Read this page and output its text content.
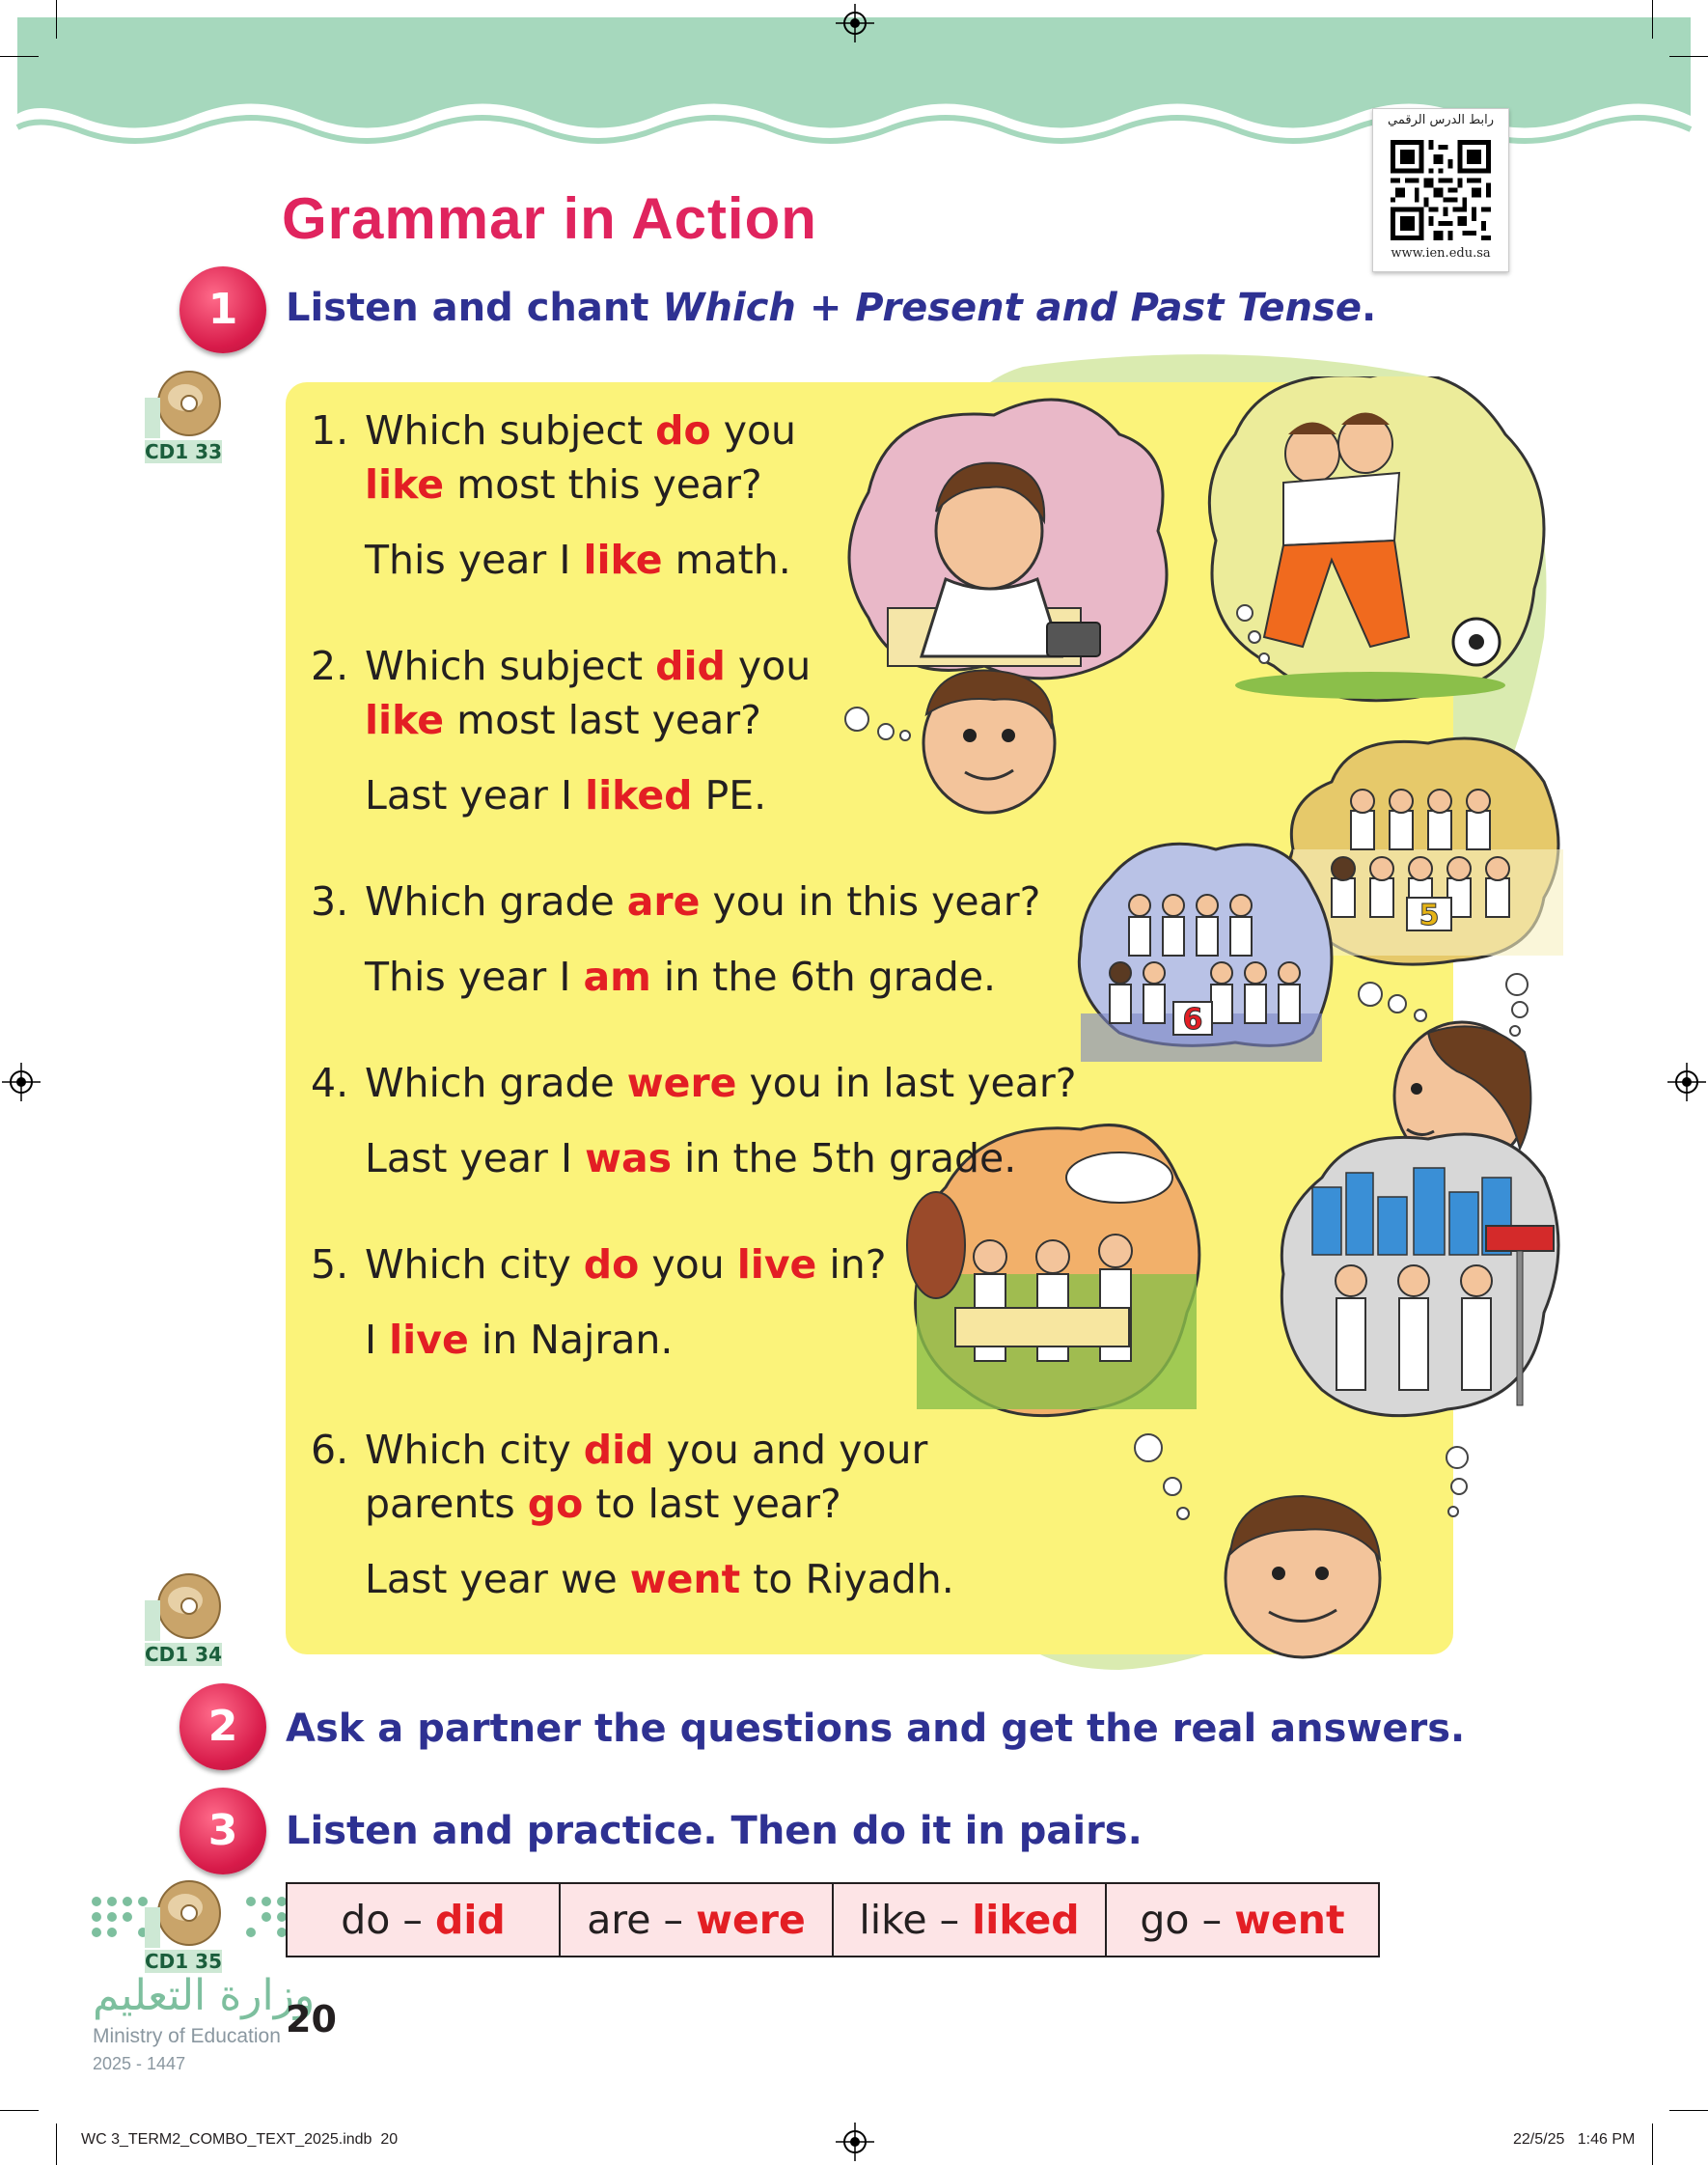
رابط الدرس الرقمي
www.ien.edu.sa
Grammar in Action
1	Listen and chant Which + Present and Past Tense.
CD1 33
CD1 34
5
6
1. Which subject do you
like most this year?
This year I like math.
2. Which subject did you
like most last year?
Last year I liked PE.
3. Which grade are you in this year?
This year I am in the 6th grade.
4. Which grade were you in last year?
Last year I was in the 5th grade.
5. Which city do you live in?
I live in Najran.
6. Which city did you and your
parents go to last year?
Last year we went to Riyadh.
2	Ask a partner the questions and get the real answers.
3	Listen and practice. Then do it in pairs.
CD1 35
وزارة التعليم
Ministry of Education
2025 - 1447
do – did	are – were	like – liked	go – went
20
WC 3_TERM2_COMBO_TEXT_2025.indb 20	22/5/25 1:46 PM
